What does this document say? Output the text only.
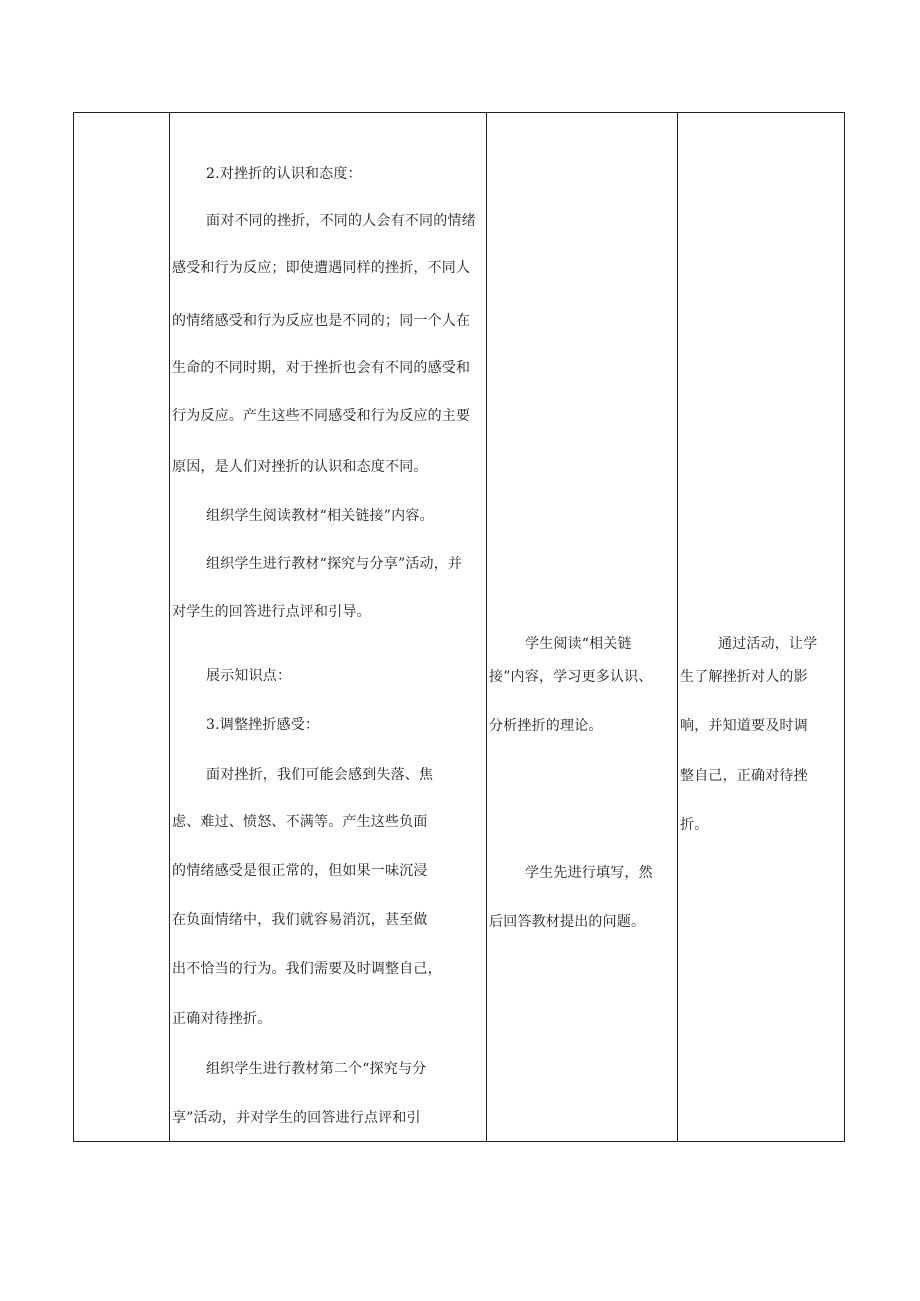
2.对挫折的认识和态度：
面对不同的挫折，不同的人会有不同的情绪
感受和行为反应；即使遭遇同样的挫折，不同人
的情绪感受和行为反应也是不同的；同一个人在
生命的不同时期，对于挫折也会有不同的感受和
行为反应。产生这些不同感受和行为反应的主要
原因，是人们对挫折的认识和态度不同。
组织学生阅读教材“相关链接”内容。
组织学生进行教材“探究与分享”活动，并
对学生的回答进行点评和引导。
展示知识点：
3.调整挫折感受：
面对挫折，我们可能会感到失落、焦
虑、难过、愤怒、不满等。产生这些负面
的情绪感受是很正常的，但如果一味沉浸
在负面情绪中，我们就容易消沉，甚至做
出不恰当的行为。我们需要及时调整自己，
正确对待挫折。
组织学生进行教材第二个“探究与分
享”活动，并对学生的回答进行点评和引
学生阅读“相关链
接”内容，学习更多认识、
分析挫折的理论。
学生先进行填写，然
后回答教材提出的问题。
通过活动，让学
生了解挫折对人的影
响，并知道要及时调
整自己，正确对待挫
折。
